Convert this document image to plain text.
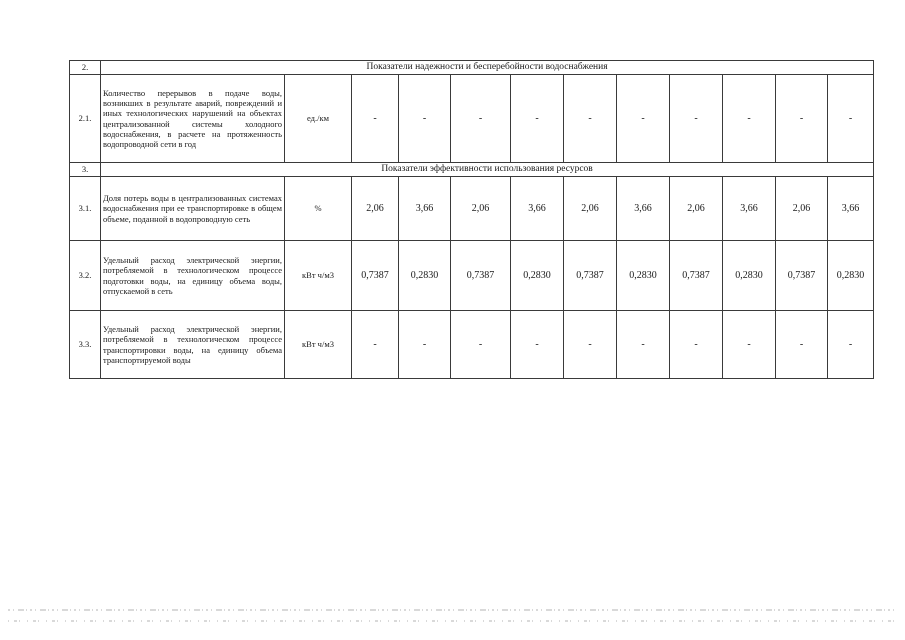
2.	Показатели надежности и бесперебойности водоснабжения											
2.1.	Количество перерывов в подаче воды, возникших в результате аварий, повреждений и иных технологических нарушений на объектах централизованной системы холодного водоснабжения, в расчете на протяженность водопроводной сети в год	ед./км	-	-	-	-	-	-	-	-	-	-
3.	Показатели эффективности использования ресурсов											
3.1.	Доля потерь воды в централизованных системах водоснабжения при ее транспортировке в общем объеме, поданной в водопроводную сеть	%	2,06	3,66	2,06	3,66	2,06	3,66	2,06	3,66	2,06	3,66
3.2.	Удельный расход электрической энергии, потребляемой в технологическом процессе подготовки воды, на единицу объема воды, отпускаемой в сеть	кВт ч/м3	0,7387	0,2830	0,7387	0,2830	0,7387	0,2830	0,7387	0,2830	0,7387	0,2830
3.3.	Удельный расход электрической энергии, потребляемой в технологическом процессе транспортировки воды, на единицу объема транспортируемой воды	кВт ч/м3	-	-	-	-	-	-	-	-	-	-
